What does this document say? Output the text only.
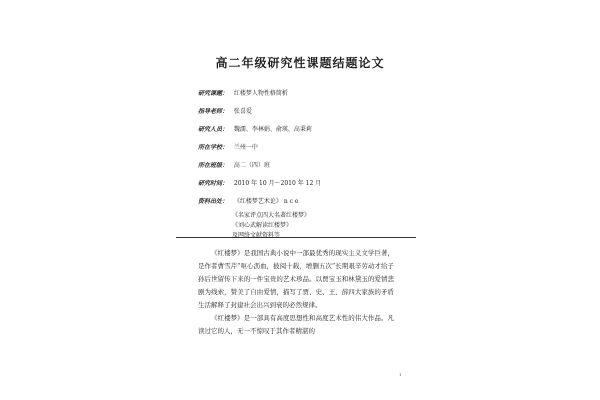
高二年级研究性课题结题论文
研究课题： 红楼梦人物性格简析
指导老师： 张喜爱
研究人员： 魏濡、李林娟、俞瑛、高秉莉
所在学校： 兰州一中
所在班级： 高二（四）班
研究时间： 2010 年 10 月～2010 年 12 月
资料出处： 《红楼梦艺术论》 n c e

《红楼梦》是我国古典小说中一部最优秀的现实主义文学巨著，是作者曹雪芹“呕心沥血，披阅十载，增删五次”长期艰辛劳动才给子孙后世留传下来的一件宝贵的艺术珍品。以贾宝玉和林黛玉的爱情悲剧为线索，赞美了自由爱情，描写了贾、史、王、薛四大家族的矛盾生活解释了封建社会出兴到衰的必然规律。

《红楼梦》是一部具有高度思想性和高度艺术性的伟大作品。凡读过它的人，无一不惊叹于其作者精湛的

1
《名家评点四大名著红楼梦》
《刘心武解读红楼梦》
及网络文献资料等
